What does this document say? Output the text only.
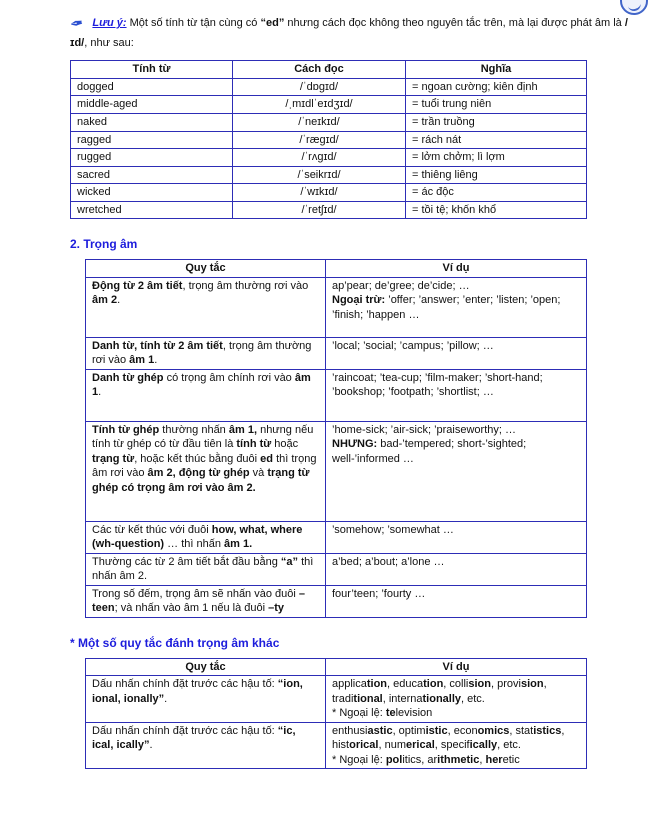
✒ Lưu ý: Một số tính từ tận cùng có “ed” nhưng cách đọc không theo nguyên tắc trên, mà lại được phát âm là /ɪd/, như sau:

Tính từ	Cách đọc	Nghĩa
dogged	/ˈdɒgɪd/	= ngoan cường; kiên định
middle-aged	/ˌmɪdlˈeɪdʒɪd/	= tuổi trung niên
naked	/ˈneɪkɪd/	= trần truồng
ragged	/ˈrægɪd/	= rách nát
rugged	/ˈrʌgɪd/	= lởm chởm; lì lợm
sacred	/ˈseikrɪd/	= thiêng liêng
wicked	/ˈwɪkɪd/	= ác độc
wretched	/ˈretʃɪd/	= tồi tệ; khốn khổ
2. Trọng âm
Quy tắc	Ví dụ
Động từ 2 âm tiết, trọng âm thường rơi vào âm 2.	ap’pear; de’gree; de’cide; …
Ngoại trừ: ’offer; ’answer; ’enter; ’listen; ’open; ’finish; ’happen …
Danh từ, tính từ 2 âm tiết, trọng âm thường rơi vào âm 1.	’local; ’social; ’campus; ’pillow; …
Danh từ ghép có trọng âm chính rơi vào âm 1.	’raincoat; ’tea-cup; ’film-maker; ’short-hand; ’bookshop; ’footpath; ’shortlist; …
Tính từ ghép thường nhấn âm 1, nhưng nếu tính từ ghép có từ đầu tiên là tính từ hoặc trạng từ, hoặc kết thúc bằng đuôi ed thì trọng âm rơi vào âm 2, động từ ghép và trạng từ ghép có trọng âm rơi vào âm 2.	’home-sick; ’air-sick; ’praiseworthy; …
NHƯNG: bad-’tempered; short-’sighted; well-’informed …
Các từ kết thúc với đuôi how, what, where (wh-question) … thì nhấn âm 1.	’somehow; ’somewhat …
Thường các từ 2 âm tiết bắt đầu bằng “a” thì nhấn âm 2.	a’bed; a’bout; a’lone …
Trong số đếm, trọng âm sẽ nhấn vào đuôi –teen; và nhấn vào âm 1 nếu là đuôi –ty	four’teen; ’fourty …
* Một số quy tắc đánh trọng âm khác
Quy tắc	Ví dụ
Dấu nhấn chính đặt trước các hậu tố: “ion, ional, ionally”.	application, education, collision, provision, traditional, internationally, etc.
* Ngoại lệ: television
Dấu nhấn chính đặt trước các hậu tố: “ic, ical, ically”.	enthusiastic, optimistic, economics, statistics, historical, numerical, specifically, etc.
* Ngoại lệ: politics, arithmetic, heretic
